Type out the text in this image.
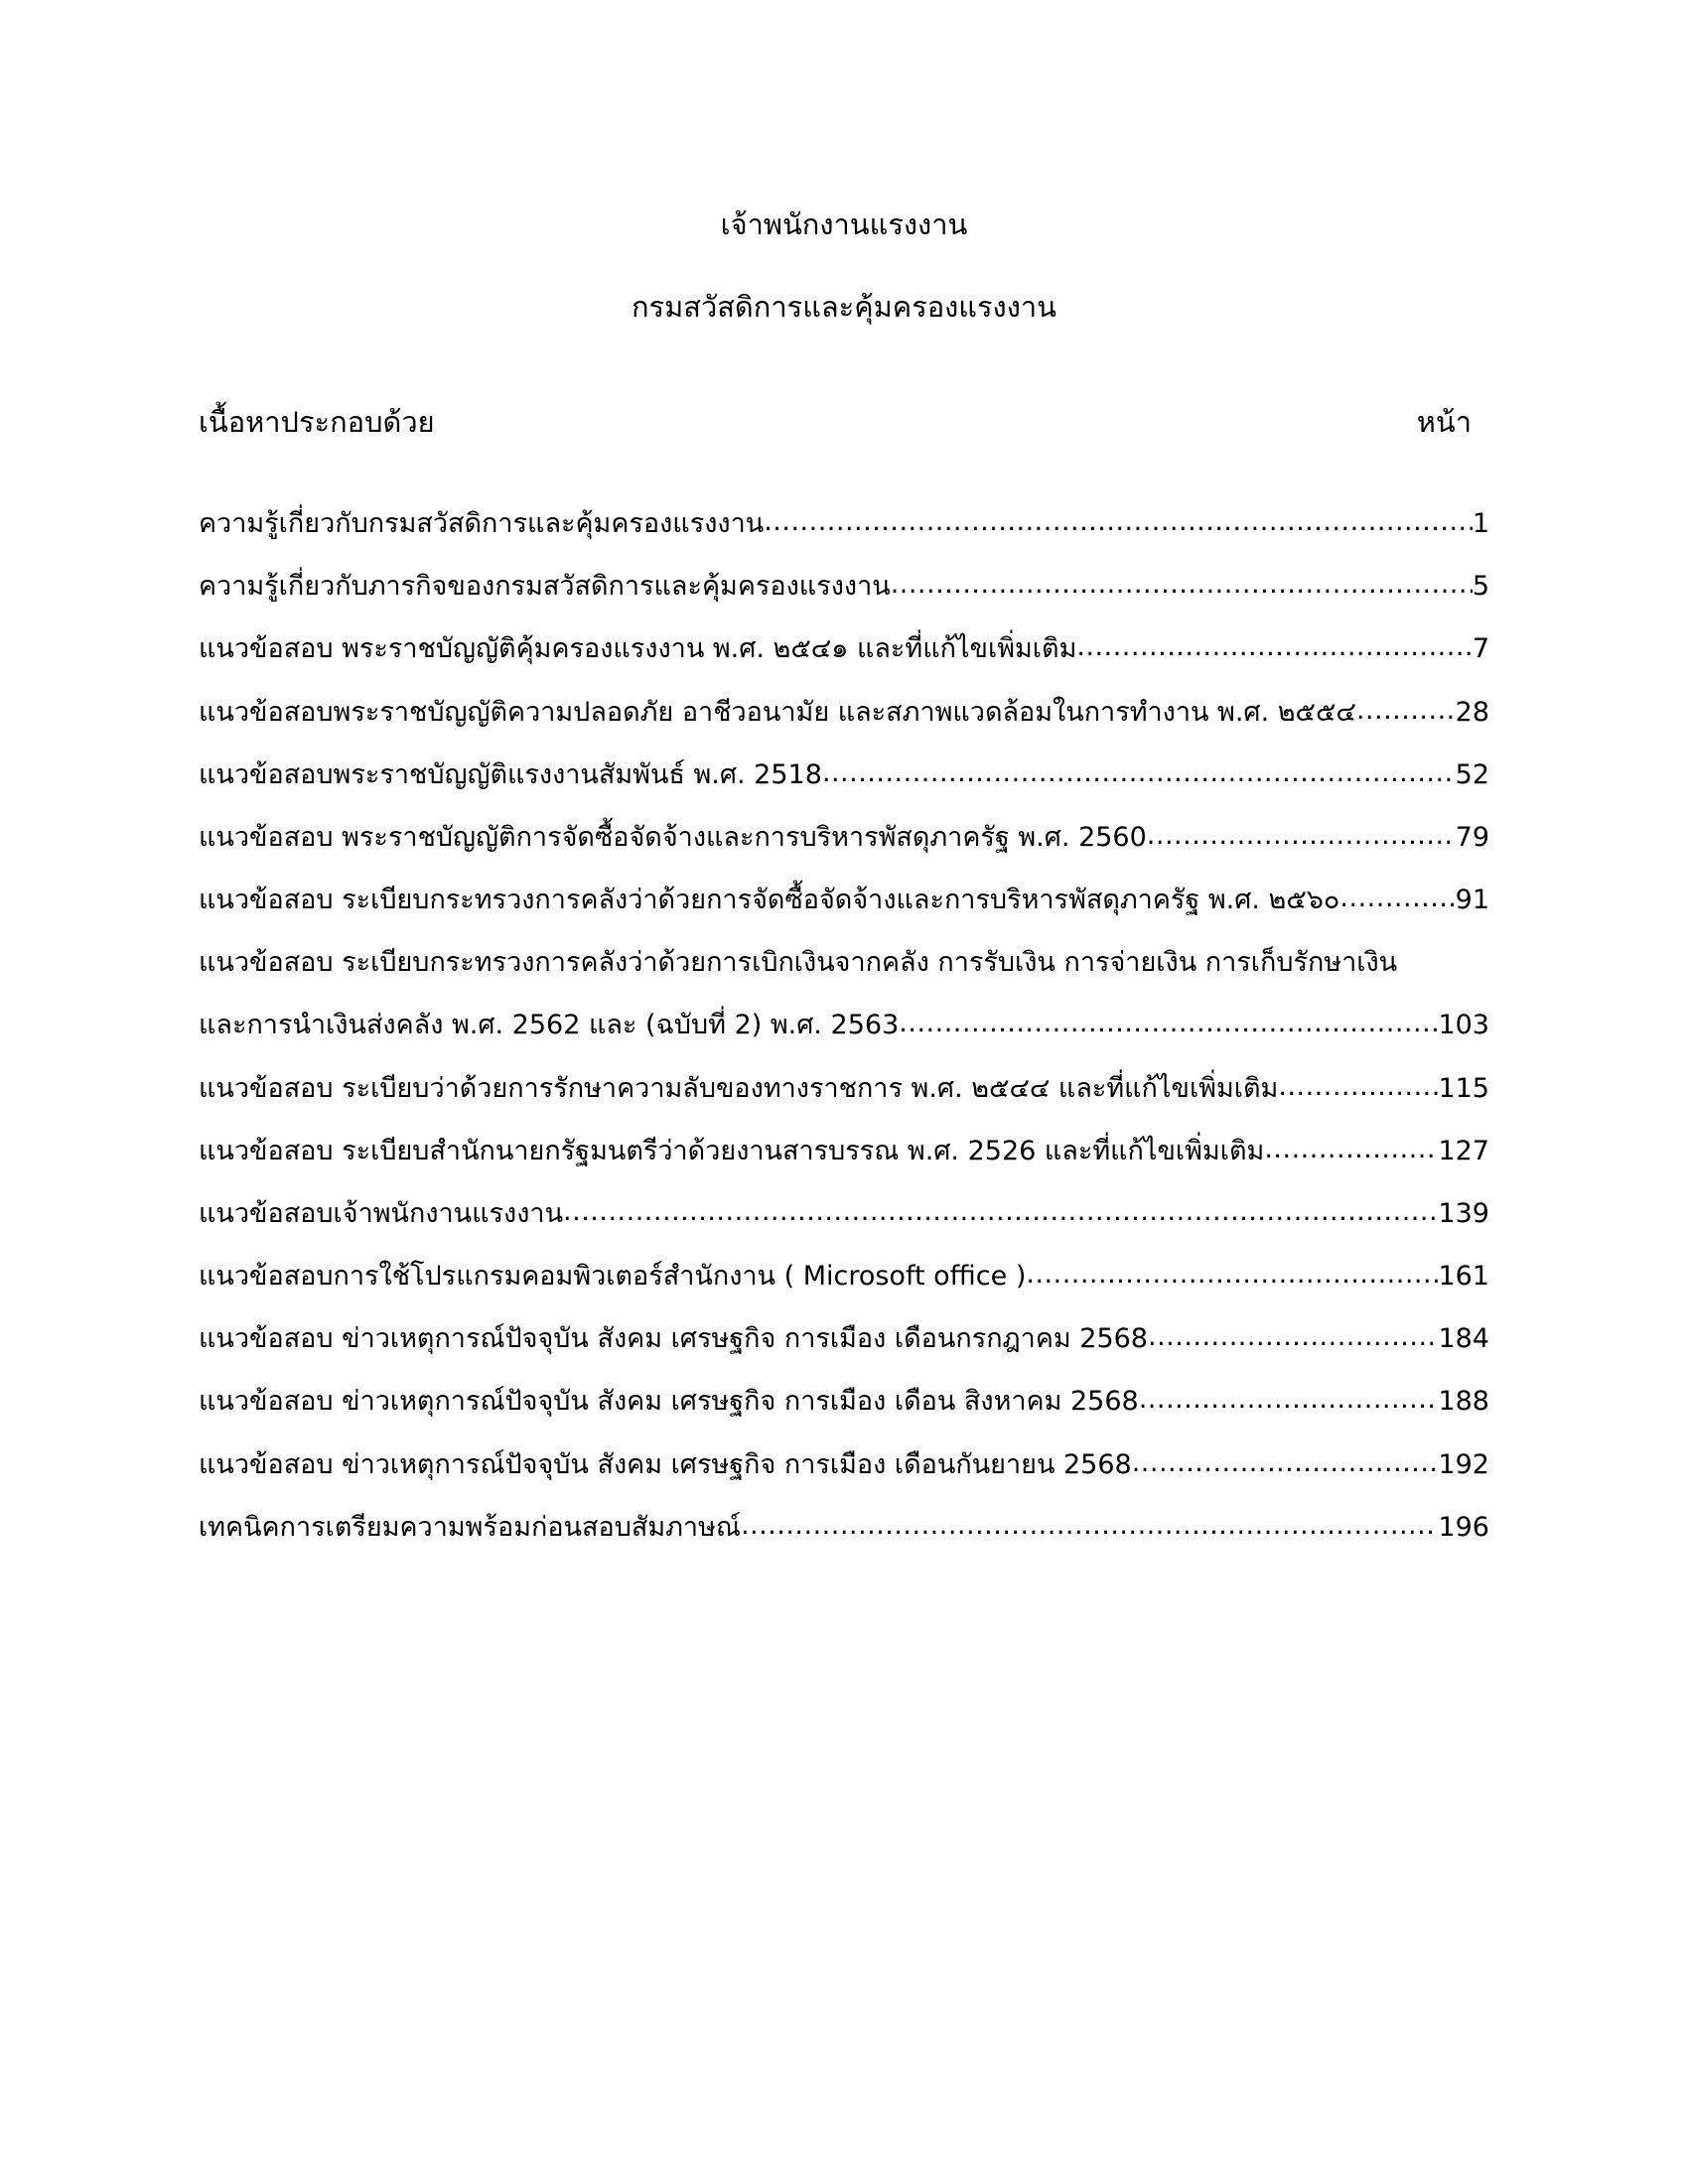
เจ้าพนักงานแรงงาน
กรมสวัสดิการและคุ้มครองแรงงาน
เนื้อหาประกอบด้วย	หน้า
ความรู้เกี่ยวกับกรมสวัสดิการและคุ้มครองแรงงาน .....	1
ความรู้เกี่ยวกับภารกิจของกรมสวัสดิการและคุ้มครองแรงงาน .....	5
แนวข้อสอบ พระราชบัญญัติคุ้มครองแรงงาน พ.ศ. ๒๕๔๑ และที่แก้ไขเพิ่มเติม .....	7
แนวข้อสอบพระราชบัญญัติความปลอดภัย อาชีวอนามัย และสภาพแวดล้อมในการทำงาน พ.ศ. ๒๕๕๔ .....	28
แนวข้อสอบพระราชบัญญัติแรงงานสัมพันธ์ พ.ศ. 2518 .....	52
แนวข้อสอบ พระราชบัญญัติการจัดซื้อจัดจ้างและการบริหารพัสดุภาครัฐ พ.ศ. 2560 .....	79
แนวข้อสอบ ระเบียบกระทรวงการคลังว่าด้วยการจัดซื้อจัดจ้างและการบริหารพัสดุภาครัฐ พ.ศ. ๒๕๖๐ .....	91
แนวข้อสอบ ระเบียบกระทรวงการคลังว่าด้วยการเบิกเงินจากคลัง การรับเงิน การจ่ายเงิน การเก็บรักษาเงิน
และการนำเงินส่งคลัง พ.ศ. 2562 และ (ฉบับที่ 2) พ.ศ. 2563 .....	103
แนวข้อสอบ ระเบียบว่าด้วยการรักษาความลับของทางราชการ พ.ศ. ๒๕๔๔ และที่แก้ไขเพิ่มเติม .....	115
แนวข้อสอบ ระเบียบสำนักนายกรัฐมนตรีว่าด้วยงานสารบรรณ พ.ศ. 2526 และที่แก้ไขเพิ่มเติม .....	127
แนวข้อสอบเจ้าพนักงานแรงงาน .....	139
แนวข้อสอบการใช้โปรแกรมคอมพิวเตอร์สำนักงาน ( Microsoft office ) .....	161
แนวข้อสอบ ข่าวเหตุการณ์ปัจจุบัน สังคม เศรษฐกิจ การเมือง เดือนกรกฎาคม 2568 .....	184
แนวข้อสอบ ข่าวเหตุการณ์ปัจจุบัน สังคม เศรษฐกิจ การเมือง เดือน สิงหาคม 2568 .....	188
แนวข้อสอบ ข่าวเหตุการณ์ปัจจุบัน สังคม เศรษฐกิจ การเมือง เดือนกันยายน 2568 .....	192
เทคนิคการเตรียมความพร้อมก่อนสอบสัมภาษณ์ .....	196
